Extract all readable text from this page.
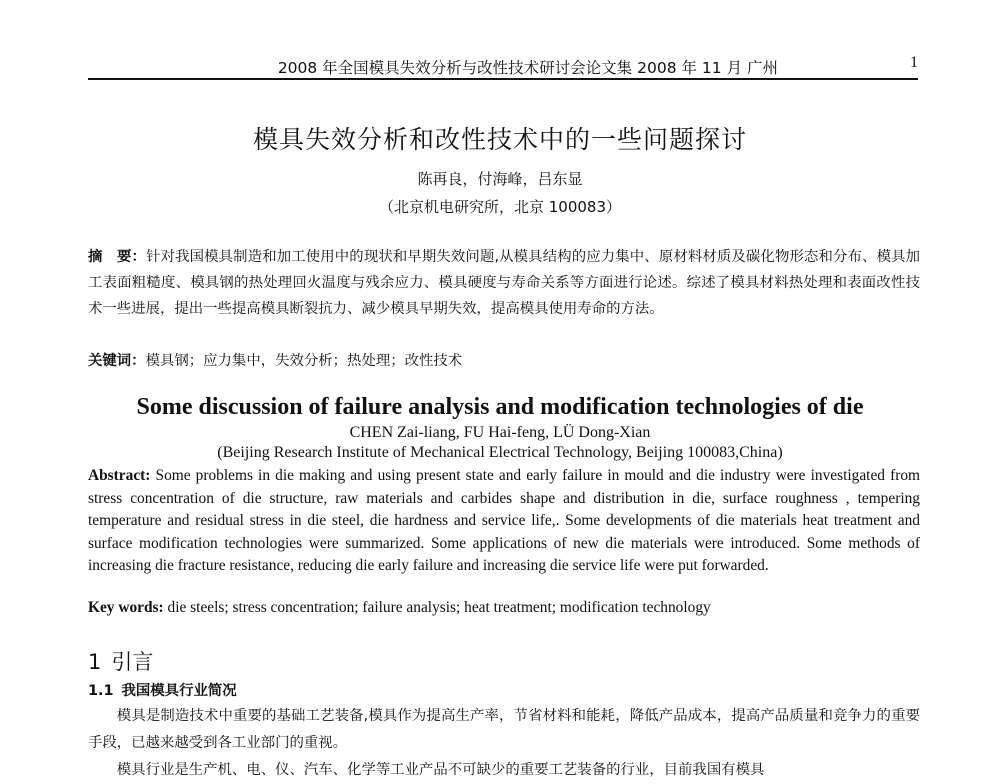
2008 年全国模具失效分析与改性技术研讨会论文集 2008 年 11 月 广州	1
模具失效分析和改性技术中的一些问题探讨
陈再良，付海峰，吕东显
（北京机电研究所，北京 100083）
摘　要：针对我国模具制造和加工使用中的现状和早期失效问题,从模具结构的应力集中、原材料材质及碳化物形态和分布、模具加工表面粗糙度、模具钢的热处理回火温度与残余应力、模具硬度与寿命关系等方面进行论述。综述了模具材料热处理和表面改性技术一些进展，提出一些提高模具断裂抗力、减少模具早期失效，提高模具使用寿命的方法。
关键词：模具钢；应力集中，失效分析；热处理；改性技术
Some discussion of failure analysis and modification technologies of die
CHEN Zai-liang, FU Hai-feng, LÜ Dong-Xian
(Beijing Research Institute of Mechanical Electrical Technology, Beijing 100083,China)
Abstract: Some problems in die making and using present state and early failure in mould and die industry were investigated from stress concentration of die structure, raw materials and carbides shape and distribution in die, surface roughness , tempering temperature and residual stress in die steel, die hardness and service life,. Some developments of die materials heat treatment and surface modification technologies were summarized. Some applications of new die materials were introduced. Some methods of increasing die fracture resistance, reducing die early failure and increasing die service life were put forwarded.
Key words: die steels; stress concentration; failure analysis; heat treatment; modification technology
1 引言
1.1 我国模具行业简况
模具是制造技术中重要的基础工艺装备,模具作为提高生产率，节省材料和能耗，降低产品成本，提高产品质量和竞争力的重要手段，已越来越受到各工业部门的重视。
模具行业是生产机、电、仪、汽车、化学等工业产品不可缺少的重要工艺装备的行业，目前我国有模具
